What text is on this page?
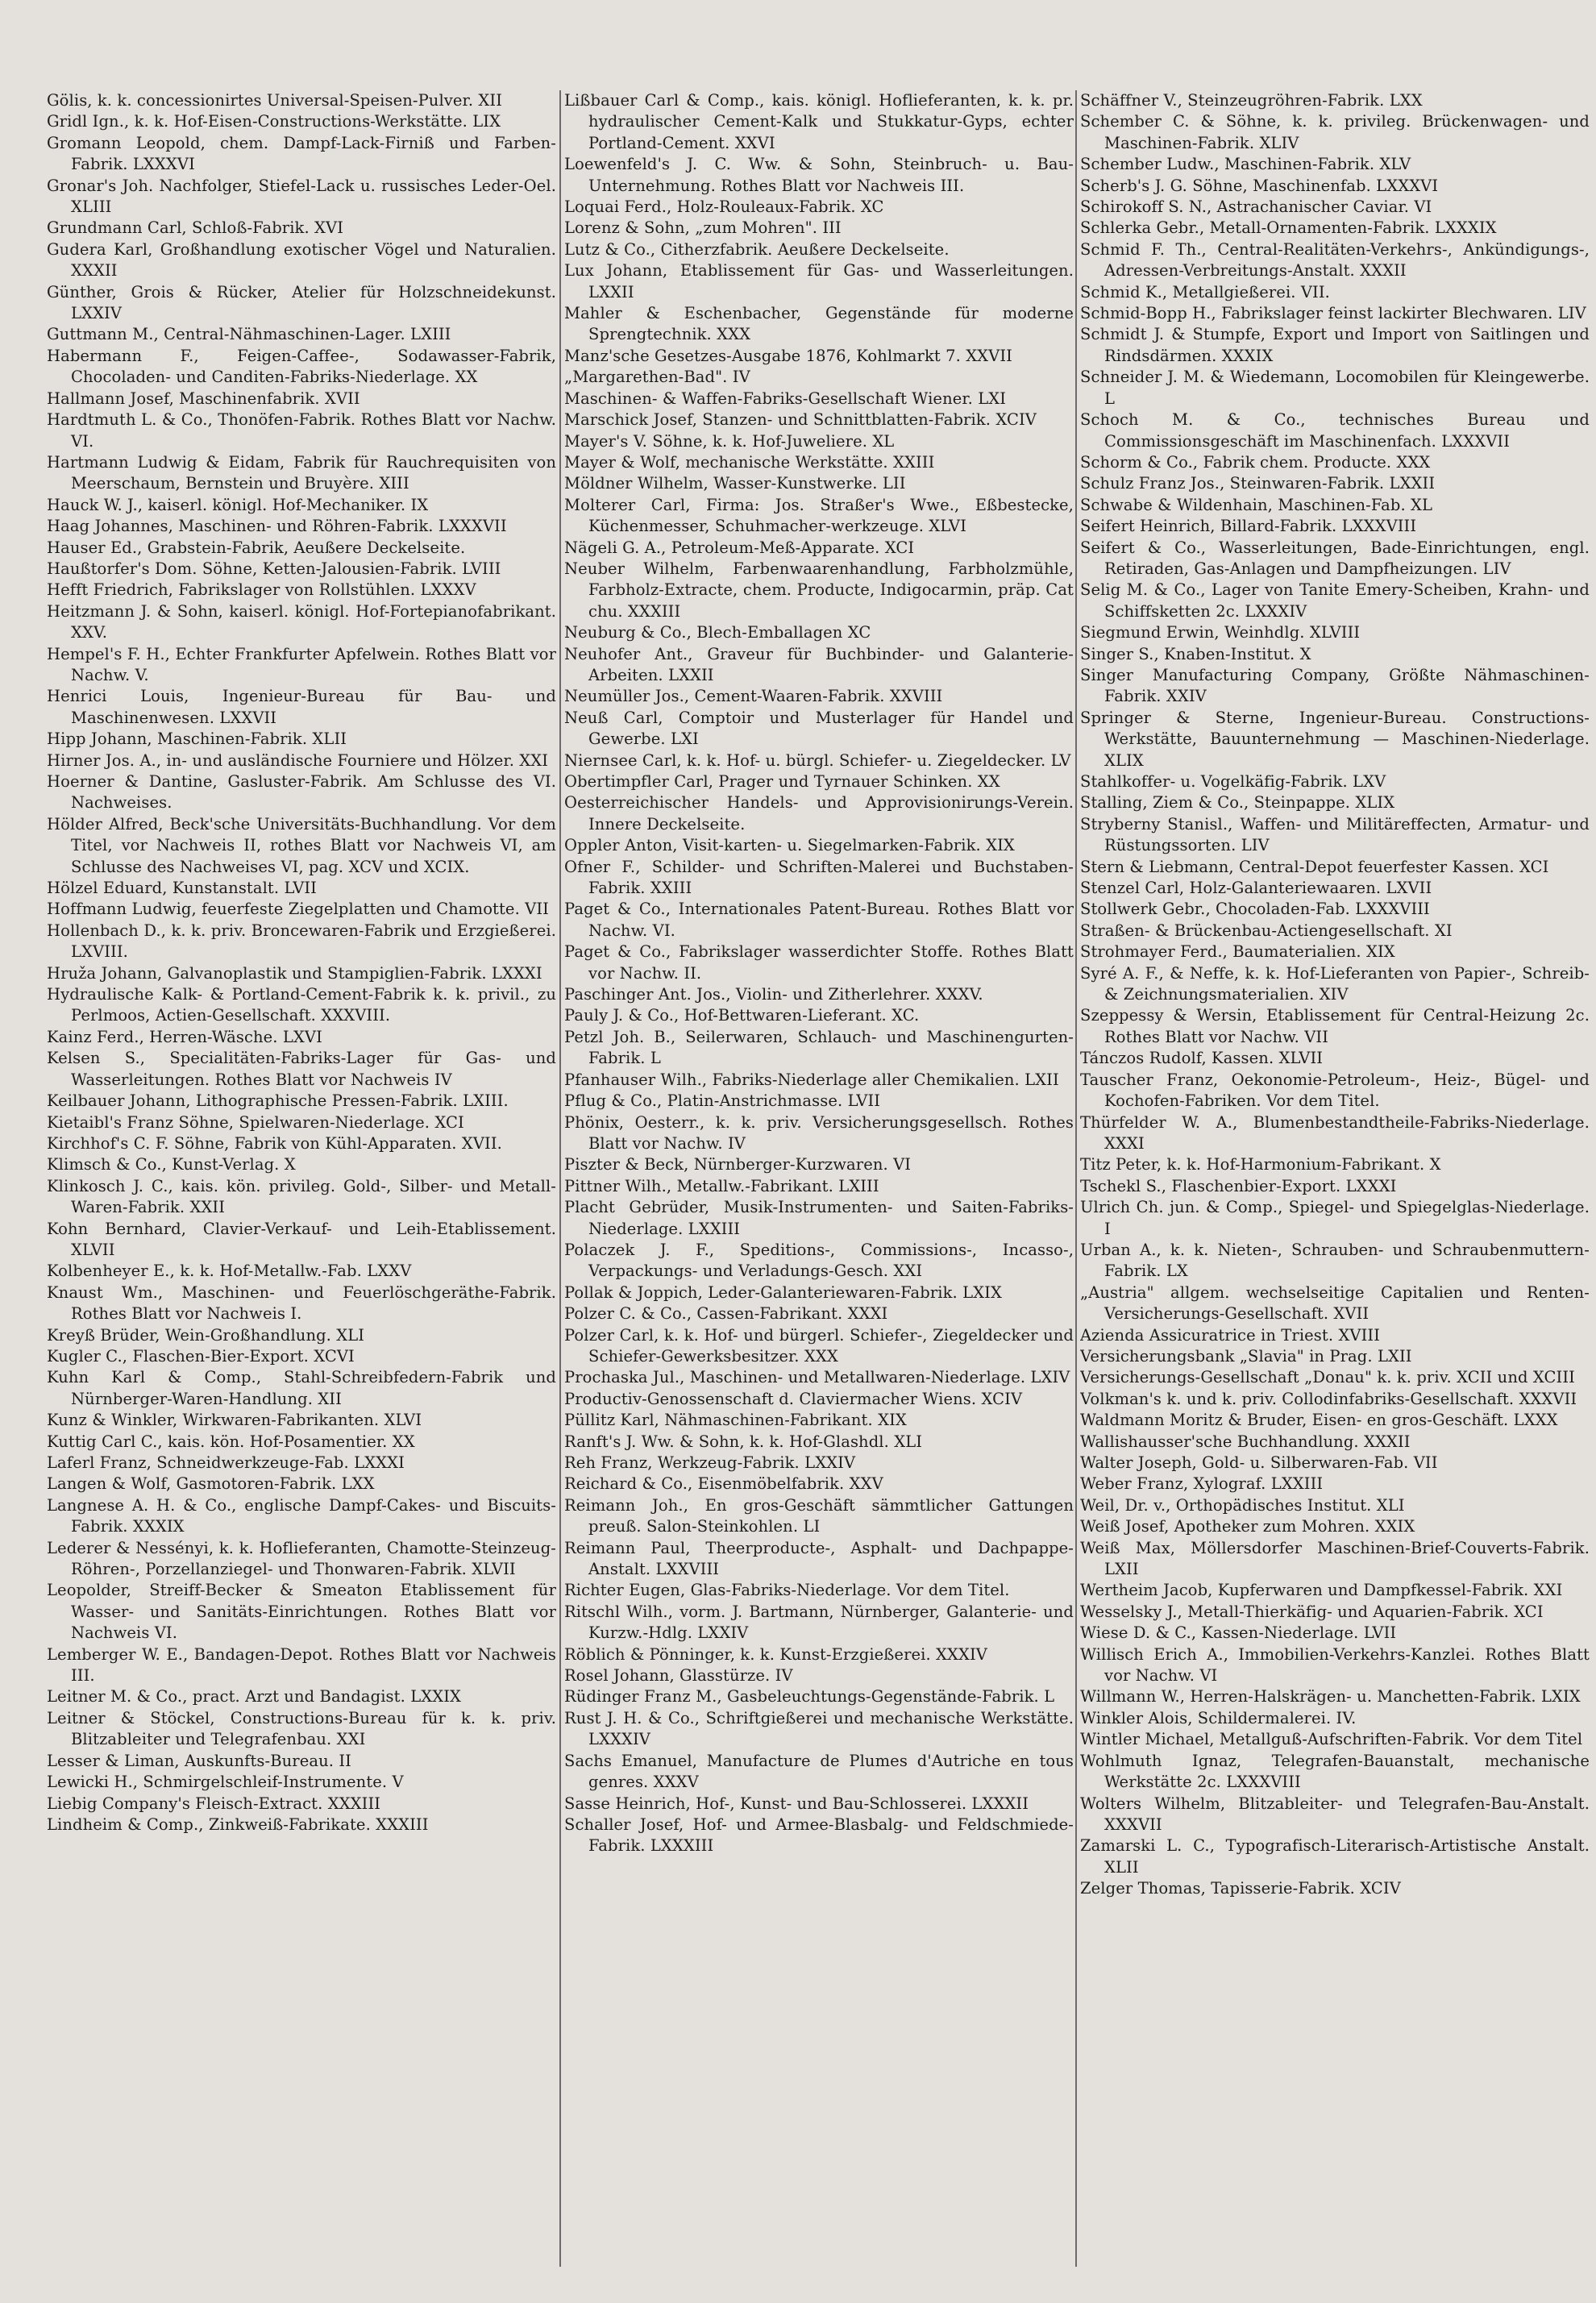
Gölis, k. k. concessionirtes Universal-Speisen-Pulver. XII

Gridl Ign., k. k. Hof-Eisen-Constructions-Werkstätte. LIX

Gromann Leopold, chem. Dampf-Lack-Firniß und Farben-Fabrik. LXXXVI

Gronar's Joh. Nachfolger, Stiefel-Lack u. russisches Leder-Oel. XLIII

Grundmann Carl, Schloß-Fabrik. XVI

Gudera Karl, Großhandlung exotischer Vögel und Naturalien. XXXII

Günther, Grois & Rücker, Atelier für Holzschneidekunst. LXXIV

Guttmann M., Central-Nähmaschinen-Lager. LXIII

Habermann F., Feigen-Caffee-, Sodawasser-Fabrik, Chocoladen- und Canditen-Fabriks-Niederlage. XX

Hallmann Josef, Maschinenfabrik. XVII

Hardtmuth L. & Co., Thonöfen-Fabrik. Rothes Blatt vor Nachw. VI.

Hartmann Ludwig & Eidam, Fabrik für Rauchrequisiten von Meerschaum, Bernstein und Bruyère. XIII

Hauck W. J., kaiserl. königl. Hof-Mechaniker. IX

Haag Johannes, Maschinen- und Röhren-Fabrik. LXXXVII

Hauser Ed., Grabstein-Fabrik, Aeußere Deckelseite.

Haußtorfer's Dom. Söhne, Ketten-Jalousien-Fabrik. LVIII

Hefft Friedrich, Fabrikslager von Rollstühlen. LXXXV

Heitzmann J. & Sohn, kaiserl. königl. Hof-Fortepianofabrikant. XXV.

Hempel's F. H., Echter Frankfurter Apfelwein. Rothes Blatt vor Nachw. V.

Henrici Louis, Ingenieur-Bureau für Bau- und Maschinenwesen. LXXVII

Hipp Johann, Maschinen-Fabrik. XLII

Hirner Jos. A., in- und ausländische Fourniere und Hölzer. XXI

Hoerner & Dantine, Gasluster-Fabrik. Am Schlusse des VI. Nachweises.

Hölder Alfred, Beck'sche Universitäts-Buchhandlung. Vor dem Titel, vor Nachweis II, rothes Blatt vor Nachweis VI, am Schlusse des Nachweises VI, pag. XCV und XCIX.

Hölzel Eduard, Kunstanstalt. LVII

Hoffmann Ludwig, feuerfeste Ziegelplatten und Chamotte. VII

Hollenbach D., k. k. priv. Broncewaren-Fabrik und Erzgießerei. LXVIII.

Hruža Johann, Galvanoplastik und Stampiglien-Fabrik. LXXXI

Hydraulische Kalk- & Portland-Cement-Fabrik k. k. privil., zu Perlmoos, Actien-Gesellschaft. XXXVIII.

Kainz Ferd., Herren-Wäsche. LXVI

Kelsen S., Specialitäten-Fabriks-Lager für Gas- und Wasserleitungen. Rothes Blatt vor Nachweis IV

Keilbauer Johann, Lithographische Pressen-Fabrik. LXIII.

Kietaibl's Franz Söhne, Spielwaren-Niederlage. XCI

Kirchhof's C. F. Söhne, Fabrik von Kühl-Apparaten. XVII.

Klimsch & Co., Kunst-Verlag. X

Klinkosch J. C., kais. kön. privileg. Gold-, Silber- und Metall-Waren-Fabrik. XXII

Kohn Bernhard, Clavier-Verkauf- und Leih-Etablissement. XLVII

Kolbenheyer E., k. k. Hof-Metallw.-Fab. LXXV

Knaust Wm., Maschinen- und Feuerlöschgeräthe-Fabrik. Rothes Blatt vor Nachweis I.

Kreyß Brüder, Wein-Großhandlung. XLI

Kugler C., Flaschen-Bier-Export. XCVI

Kuhn Karl & Comp., Stahl-Schreibfedern-Fabrik und Nürnberger-Waren-Handlung. XII

Kunz & Winkler, Wirkwaren-Fabrikanten. XLVI

Kuttig Carl C., kais. kön. Hof-Posamentier. XX

Laferl Franz, Schneidwerkzeuge-Fab. LXXXI

Langen & Wolf, Gasmotoren-Fabrik. LXX

Langnese A. H. & Co., englische Dampf-Cakes- und Biscuits-Fabrik. XXXIX

Lederer & Nessényi, k. k. Hoflieferanten, Chamotte-Steinzeug-Röhren-, Porzellanziegel- und Thonwaren-Fabrik. XLVII

Leopolder, Streiff-Becker & Smeaton Etablissement für Wasser- und Sanitäts-Einrichtungen. Rothes Blatt vor Nachweis VI.

Lemberger W. E., Bandagen-Depot. Rothes Blatt vor Nachweis III.

Leitner M. & Co., pract. Arzt und Bandagist. LXXIX

Leitner & Stöckel, Constructions-Bureau für k. k. priv. Blitzableiter und Telegrafenbau. XXI

Lesser & Liman, Auskunfts-Bureau. II

Lewicki H., Schmirgelschleif-Instrumente. V

Liebig Company's Fleisch-Extract. XXXIII

Lindheim & Comp., Zinkweiß-Fabrikate. XXXIII

Lißbauer Carl & Comp., kais. königl. Hoflieferanten, k. k. pr. hydraulischer Cement-Kalk und Stukkatur-Gyps, echter Portland-Cement. XXVI

Loewenfeld's J. C. Ww. & Sohn, Steinbruch- u. Bau-Unternehmung. Rothes Blatt vor Nachweis III.

Loquai Ferd., Holz-Rouleaux-Fabrik. XC

Lorenz & Sohn, „zum Mohren". III

Lutz & Co., Citherzfabrik. Aeußere Deckelseite.

Lux Johann, Etablissement für Gas- und Wasserleitungen. LXXII

Mahler & Eschenbacher, Gegenstände für moderne Sprengtechnik. XXX

Manz'sche Gesetzes-Ausgabe 1876, Kohlmarkt 7. XXVII

„Margarethen-Bad". IV

Maschinen- & Waffen-Fabriks-Gesellschaft Wiener. LXI

Marschick Josef, Stanzen- und Schnittblatten-Fabrik. XCIV

Mayer's V. Söhne, k. k. Hof-Juweliere. XL

Mayer & Wolf, mechanische Werkstätte. XXIII

Möldner Wilhelm, Wasser-Kunstwerke. LII

Molterer Carl, Firma: Jos. Straßer's Wwe., Eßbestecke, Küchenmesser, Schuhmacher-werkzeuge. XLVI

Nägeli G. A., Petroleum-Meß-Apparate. XCI

Neuber Wilhelm, Farbenwaarenhandlung, Farbholzmühle, Farbholz-Extracte, chem. Producte, Indigocarmin, präp. Cat chu. XXXIII

Neuburg & Co., Blech-Emballagen XC

Neuhofer Ant., Graveur für Buchbinder- und Galanterie-Arbeiten. LXXII

Neumüller Jos., Cement-Waaren-Fabrik. XXVIII

Neuß Carl, Comptoir und Musterlager für Handel und Gewerbe. LXI

Niernsee Carl, k. k. Hof- u. bürgl. Schiefer- u. Ziegeldecker. LV

Obertimpfler Carl, Prager und Tyrnauer Schinken. XX

Oesterreichischer Handels- und Approvisionirungs-Verein. Innere Deckelseite.

Oppler Anton, Visit-karten- u. Siegelmarken-Fabrik. XIX

Ofner F., Schilder- und Schriften-Malerei und Buchstaben-Fabrik. XXIII

Paget & Co., Internationales Patent-Bureau. Rothes Blatt vor Nachw. VI.

Paget & Co., Fabrikslager wasserdichter Stoffe. Rothes Blatt vor Nachw. II.

Paschinger Ant. Jos., Violin- und Zitherlehrer. XXXV.

Pauly J. & Co., Hof-Bettwaren-Lieferant. XC.

Petzl Joh. B., Seilerwaren, Schlauch- und Maschinengurten-Fabrik. L

Pfanhauser Wilh., Fabriks-Niederlage aller Chemikalien. LXII

Pflug & Co., Platin-Anstrichmasse. LVII

Phönix, Oesterr., k. k. priv. Versicherungsgesellsch. Rothes Blatt vor Nachw. IV

Piszter & Beck, Nürnberger-Kurzwaren. VI

Pittner Wilh., Metallw.-Fabrikant. LXIII

Placht Gebrüder, Musik-Instrumenten- und Saiten-Fabriks-Niederlage. LXXIII

Polaczek J. F., Speditions-, Commissions-, Incasso-, Verpackungs- und Verladungs-Gesch. XXI

Pollak & Joppich, Leder-Galanteriewaren-Fabrik. LXIX

Polzer C. & Co., Cassen-Fabrikant. XXXI

Polzer Carl, k. k. Hof- und bürgerl. Schiefer-, Ziegeldecker und Schiefer-Gewerksbesitzer. XXX

Prochaska Jul., Maschinen- und Metallwaren-Niederlage. LXIV

Productiv-Genossenschaft d. Claviermacher Wiens. XCIV

Püllitz Karl, Nähmaschinen-Fabrikant. XIX

Ranft's J. Ww. & Sohn, k. k. Hof-Glashdl. XLI

Reh Franz, Werkzeug-Fabrik. LXXIV

Reichard & Co., Eisenmöbelfabrik. XXV

Reimann Joh., En gros-Geschäft sämmtlicher Gattungen preuß. Salon-Steinkohlen. LI

Reimann Paul, Theerproducte-, Asphalt- und Dachpappe-Anstalt. LXXVIII

Richter Eugen, Glas-Fabriks-Niederlage. Vor dem Titel.

Ritschl Wilh., vorm. J. Bartmann, Nürnberger, Galanterie- und Kurzw.-Hdlg. LXXIV

Röblich & Pönninger, k. k. Kunst-Erzgießerei. XXXIV

Rosel Johann, Glasstürze. IV

Rüdinger Franz M., Gasbeleuchtungs-Gegenstände-Fabrik. L

Rust J. H. & Co., Schriftgießerei und mechanische Werkstätte. LXXXIV

Sachs Emanuel, Manufacture de Plumes d'Autriche en tous genres. XXXV

Sasse Heinrich, Hof-, Kunst- und Bau-Schlosserei. LXXXII

Schaller Josef, Hof- und Armee-Blasbalg- und Feldschmiede-Fabrik. LXXXIII

Schäffner V., Steinzeugröhren-Fabrik. LXX

Schember C. & Söhne, k. k. privileg. Brückenwagen- und Maschinen-Fabrik. XLIV

Schember Ludw., Maschinen-Fabrik. XLV

Scherb's J. G. Söhne, Maschinenfab. LXXXVI

Schirokoff S. N., Astrachanischer Caviar. VI

Schlerka Gebr., Metall-Ornamenten-Fabrik. LXXXIX

Schmid F. Th., Central-Realitäten-Verkehrs-, Ankündigungs-, Adressen-Verbreitungs-Anstalt. XXXII

Schmid K., Metallgießerei. VII.

Schmid-Bopp H., Fabrikslager feinst lackirter Blechwaren. LIV

Schmidt J. & Stumpfe, Export und Import von Saitlingen und Rindsdärmen. XXXIX

Schneider J. M. & Wiedemann, Locomobilen für Kleingewerbe. L

Schoch M. & Co., technisches Bureau und Commissionsgeschäft im Maschinenfach. LXXXVII

Schorm & Co., Fabrik chem. Producte. XXX

Schulz Franz Jos., Steinwaren-Fabrik. LXXII

Schwabe & Wildenhain, Maschinen-Fab. XL

Seifert Heinrich, Billard-Fabrik. LXXXVIII

Seifert & Co., Wasserleitungen, Bade-Einrichtungen, engl. Retiraden, Gas-Anlagen und Dampfheizungen. LIV

Selig M. & Co., Lager von Tanite Emery-Scheiben, Krahn- und Schiffsketten 2c. LXXXIV

Siegmund Erwin, Weinhdlg. XLVIII

Singer S., Knaben-Institut. X

Singer Manufacturing Company, Größte Nähmaschinen-Fabrik. XXIV

Springer & Sterne, Ingenieur-Bureau. Constructions-Werkstätte, Bauunternehmung — Maschinen-Niederlage. XLIX

Stahlkoffer- u. Vogelkäfig-Fabrik. LXV

Stalling, Ziem & Co., Steinpappe. XLIX

Stryberny Stanisl., Waffen- und Militäreffecten, Armatur- und Rüstungssorten. LIV

Stern & Liebmann, Central-Depot feuerfester Kassen. XCI

Stenzel Carl, Holz-Galanteriewaaren. LXVII

Stollwerk Gebr., Chocoladen-Fab. LXXXVIII

Straßen- & Brückenbau-Actiengesellschaft. XI

Strohmayer Ferd., Baumaterialien. XIX

Syré A. F., & Neffe, k. k. Hof-Lieferanten von Papier-, Schreib- & Zeichnungsmaterialien. XIV

Szeppessy & Wersin, Etablissement für Central-Heizung 2c. Rothes Blatt vor Nachw. VII

Tánczos Rudolf, Kassen. XLVII

Tauscher Franz, Oekonomie-Petroleum-, Heiz-, Bügel- und Kochofen-Fabriken. Vor dem Titel.

Thürfelder W. A., Blumenbestandtheile-Fabriks-Niederlage. XXXI

Titz Peter, k. k. Hof-Harmonium-Fabrikant. X

Tschekl S., Flaschenbier-Export. LXXXI

Ulrich Ch. jun. & Comp., Spiegel- und Spiegelglas-Niederlage. I

Urban A., k. k. Nieten-, Schrauben- und Schraubenmuttern-Fabrik. LX

„Austria" allgem. wechselseitige Capitalien und Renten-Versicherungs-Gesellschaft. XVII

Azienda Assicuratrice in Triest. XVIII

Versicherungsbank „Slavia" in Prag. LXII

Versicherungs-Gesellschaft „Donau" k. k. priv. XCII und XCIII

Volkman's k. und k. priv. Collodinfabriks-Gesellschaft. XXXVII

Waldmann Moritz & Bruder, Eisen- en gros-Geschäft. LXXX

Wallishausser'sche Buchhandlung. XXXII

Walter Joseph, Gold- u. Silberwaren-Fab. VII

Weber Franz, Xylograf. LXXIII

Weil, Dr. v., Orthopädisches Institut. XLI

Weiß Josef, Apotheker zum Mohren. XXIX

Weiß Max, Möllersdorfer Maschinen-Brief-Couverts-Fabrik. LXII

Wertheim Jacob, Kupferwaren und Dampfkessel-Fabrik. XXI

Wesselsky J., Metall-Thierkäfig- und Aquarien-Fabrik. XCI

Wiese D. & C., Kassen-Niederlage. LVII

Willisch Erich A., Immobilien-Verkehrs-Kanzlei. Rothes Blatt vor Nachw. VI

Willmann W., Herren-Halskrägen- u. Manchetten-Fabrik. LXIX

Winkler Alois, Schildermalerei. IV.

Wintler Michael, Metallguß-Aufschriften-Fabrik. Vor dem Titel

Wohlmuth Ignaz, Telegrafen-Bauanstalt, mechanische Werkstätte 2c. LXXXVIII

Wolters Wilhelm, Blitzableiter- und Telegrafen-Bau-Anstalt. XXXVII

Zamarski L. C., Typografisch-Literarisch-Artistische Anstalt. XLII

Zelger Thomas, Tapisserie-Fabrik. XCIV
